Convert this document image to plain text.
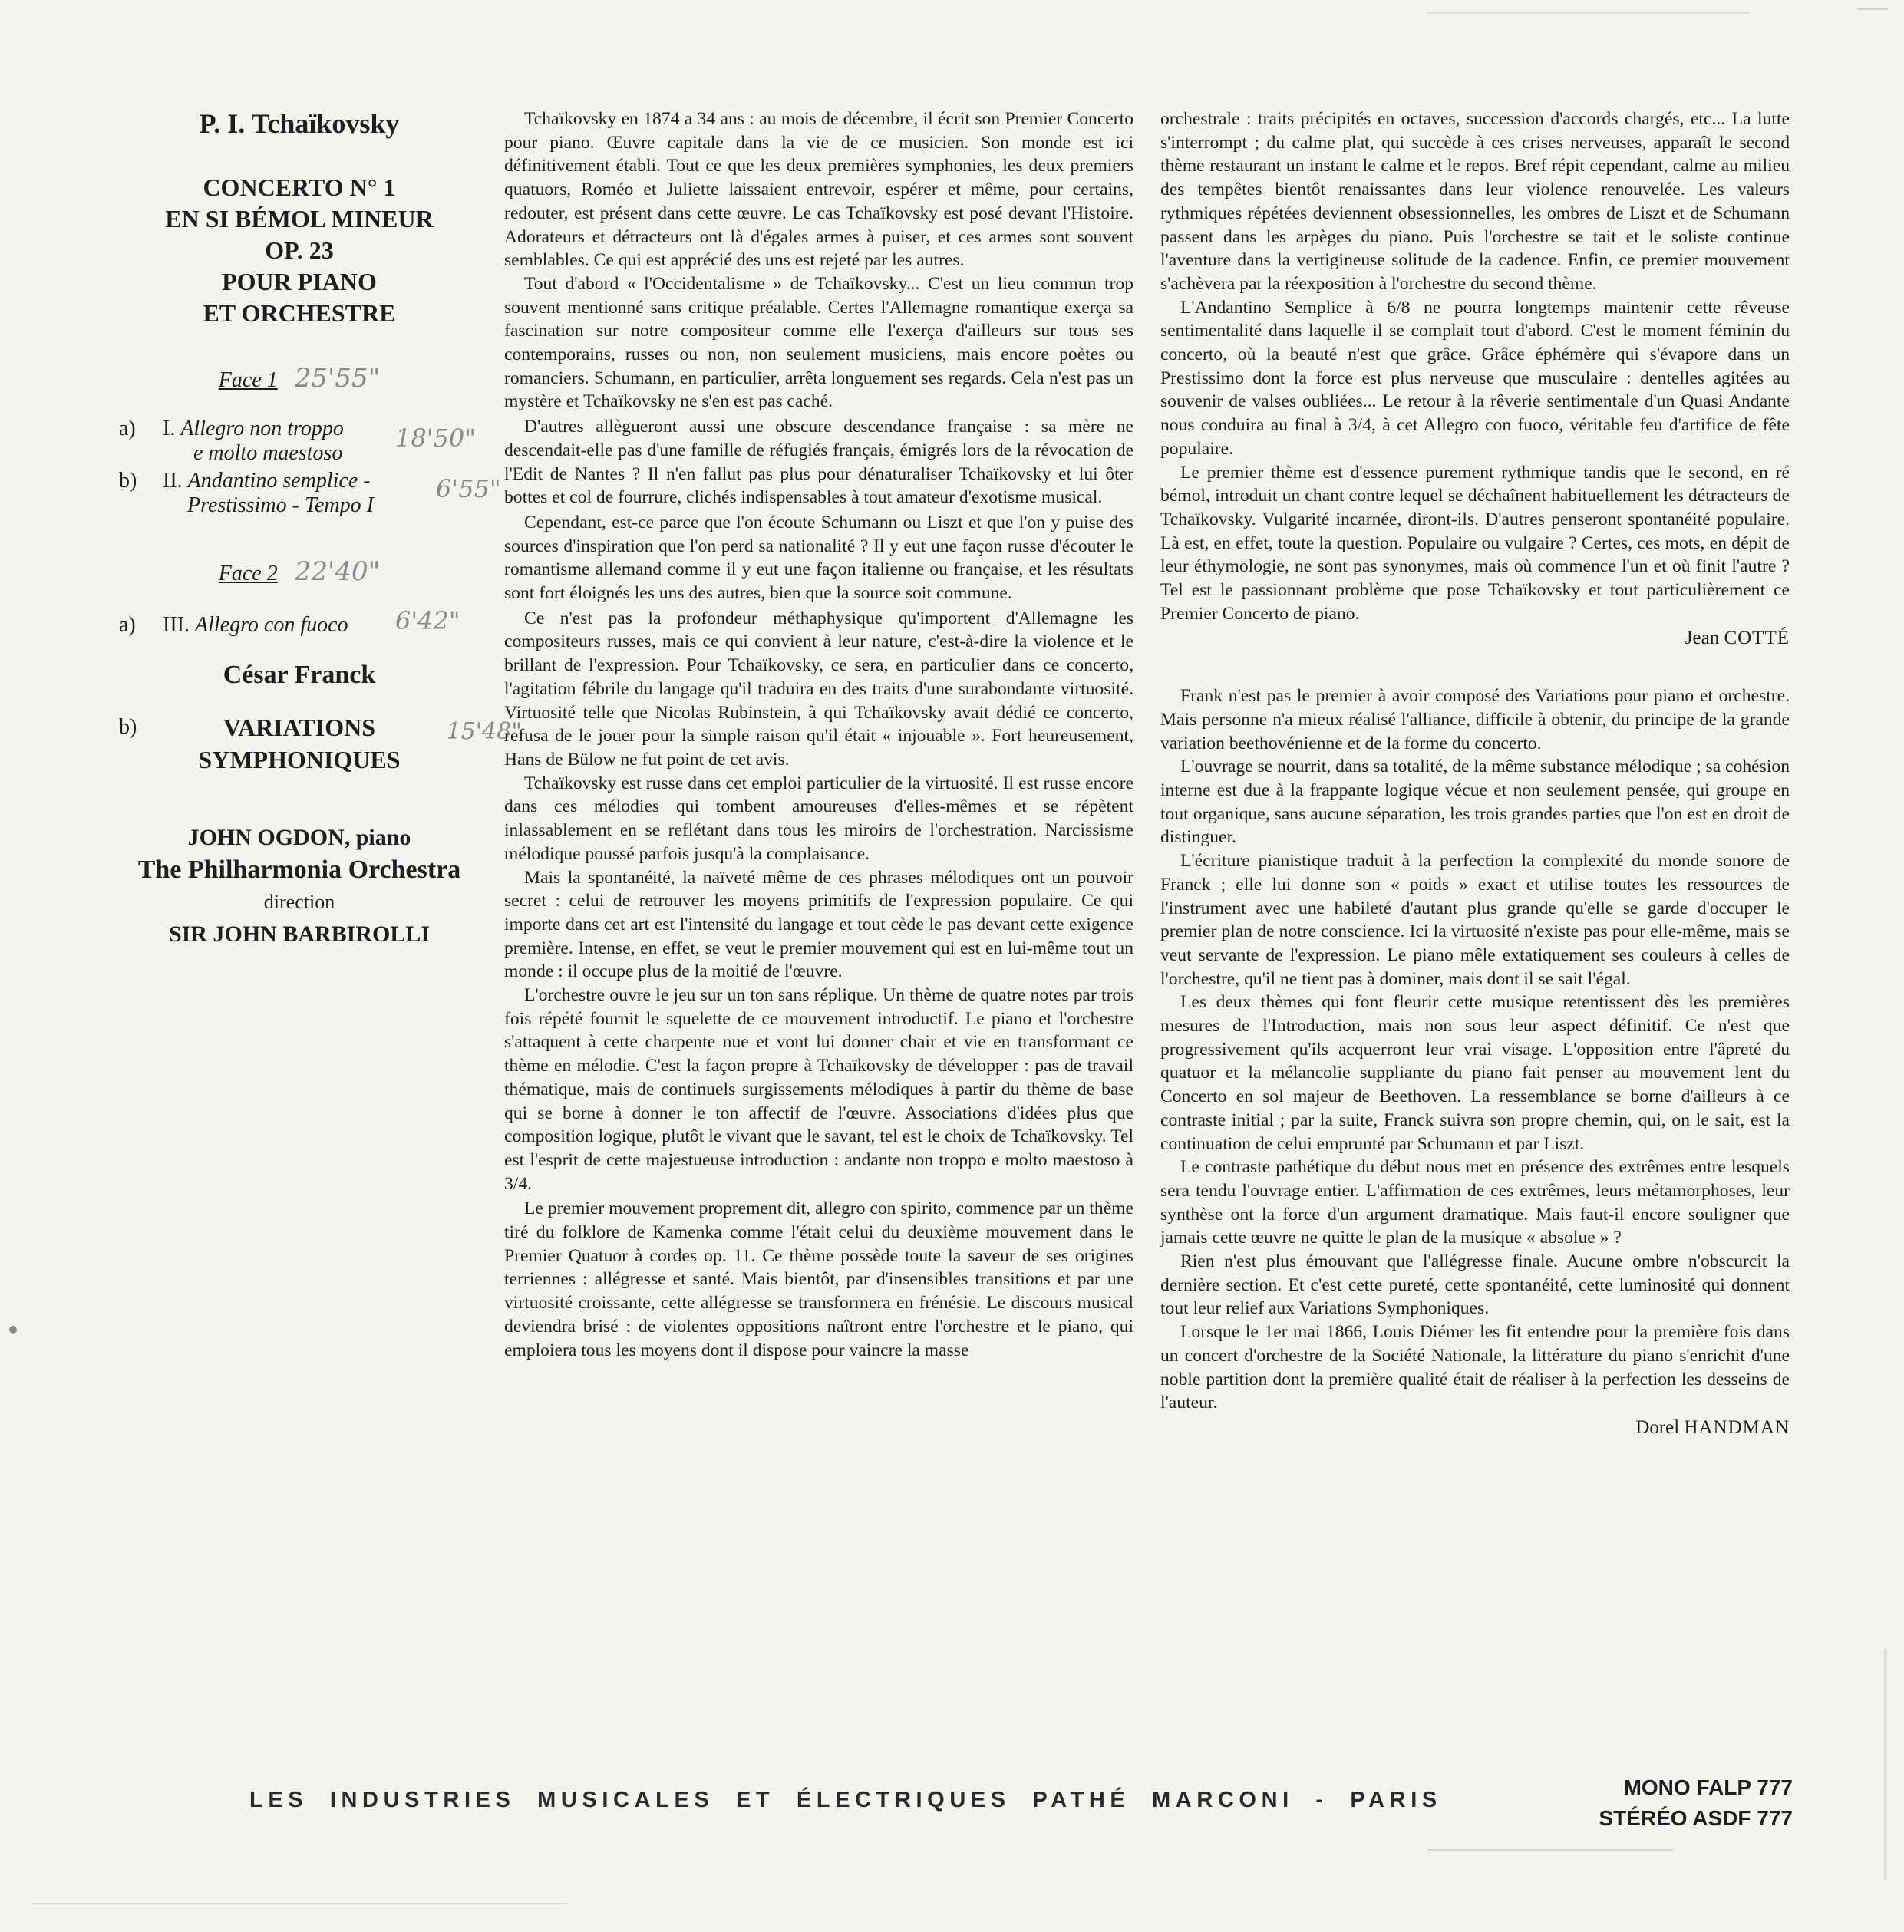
P. I. Tchaïkovsky
CONCERTO N° 1
EN SI BÉMOL MINEUR
OP. 23
POUR PIANO
ET ORCHESTRE
Face 1 25'55"
a) I. Allegro non troppo
e molto maestoso
18'50"
b) II. Andantino semplice -
Prestissimo - Tempo I
6'55"
Face 2 22'40"
a) III. Allegro con fuoco	6'42"
César Franck
b)	VARIATIONS
SYMPHONIQUES
15'48"
JOHN OGDON, piano
The Philharmonia Orchestra
direction
SIR JOHN BARBIROLLI

Tchaïkovsky en 1874 a 34 ans : au mois de décembre, il écrit son Premier Concerto pour piano. Œuvre capitale dans la vie de ce musicien. Son monde est ici définitivement établi. Tout ce que les deux premières symphonies, les deux premiers quatuors, Roméo et Juliette laissaient entrevoir, espérer et même, pour certains, redouter, est présent dans cette œuvre. Le cas Tchaïkovsky est posé devant l'Histoire. Adorateurs et détracteurs ont là d'égales armes à puiser, et ces armes sont souvent semblables. Ce qui est apprécié des uns est rejeté par les autres.

Tout d'abord « l'Occidentalisme » de Tchaïkovsky... C'est un lieu commun trop souvent mentionné sans critique préalable. Certes l'Allemagne romantique exerça sa fascination sur notre compositeur comme elle l'exerça d'ailleurs sur tous ses contemporains, russes ou non, non seulement musiciens, mais encore poètes ou romanciers. Schumann, en particulier, arrêta longuement ses regards. Cela n'est pas un mystère et Tchaïkovsky ne s'en est pas caché.

D'autres allègueront aussi une obscure descendance française : sa mère ne descendait-elle pas d'une famille de réfugiés français, émigrés lors de la révocation de l'Edit de Nantes ? Il n'en fallut pas plus pour dénaturaliser Tchaïkovsky et lui ôter bottes et col de fourrure, clichés indispensables à tout amateur d'exotisme musical.

Cependant, est-ce parce que l'on écoute Schumann ou Liszt et que l'on y puise des sources d'inspiration que l'on perd sa nationalité ? Il y eut une façon russe d'écouter le romantisme allemand comme il y eut une façon italienne ou française, et les résultats sont fort éloignés les uns des autres, bien que la source soit commune.

Ce n'est pas la profondeur méthaphysique qu'importent d'Allemagne les compositeurs russes, mais ce qui convient à leur nature, c'est-à-dire la violence et le brillant de l'expression. Pour Tchaïkovsky, ce sera, en particulier dans ce concerto, l'agitation fébrile du langage qu'il traduira en des traits d'une surabondante virtuosité. Virtuosité telle que Nicolas Rubinstein, à qui Tchaïkovsky avait dédié ce concerto, refusa de le jouer pour la simple raison qu'il était « injouable ». Fort heureusement, Hans de Bülow ne fut point de cet avis.

Tchaïkovsky est russe dans cet emploi particulier de la virtuosité. Il est russe encore dans ces mélodies qui tombent amoureuses d'elles-mêmes et se répètent inlassablement en se reflétant dans tous les miroirs de l'orchestration. Narcissisme mélodique poussé parfois jusqu'à la complaisance.

Mais la spontanéité, la naïveté même de ces phrases mélodiques ont un pouvoir secret : celui de retrouver les moyens primitifs de l'expression populaire. Ce qui importe dans cet art est l'intensité du langage et tout cède le pas devant cette exigence première. Intense, en effet, se veut le premier mouvement qui est en lui-même tout un monde : il occupe plus de la moitié de l'œuvre.

L'orchestre ouvre le jeu sur un ton sans réplique. Un thème de quatre notes par trois fois répété fournit le squelette de ce mouvement introductif. Le piano et l'orchestre s'attaquent à cette charpente nue et vont lui donner chair et vie en transformant ce thème en mélodie. C'est la façon propre à Tchaïkovsky de développer : pas de travail thématique, mais de continuels surgissements mélodiques à partir du thème de base qui se borne à donner le ton affectif de l'œuvre. Associations d'idées plus que composition logique, plutôt le vivant que le savant, tel est le choix de Tchaïkovsky. Tel est l'esprit de cette majestueuse introduction : andante non troppo e molto maestoso à 3/4.

Le premier mouvement proprement dit, allegro con spirito, commence par un thème tiré du folklore de Kamenka comme l'était celui du deuxième mouvement dans le Premier Quatuor à cordes op. 11. Ce thème possède toute la saveur de ses origines terriennes : allégresse et santé. Mais bientôt, par d'insensibles transitions et par une virtuosité croissante, cette allégresse se transformera en frénésie. Le discours musical deviendra brisé : de violentes oppositions naîtront entre l'orchestre et le piano, qui emploiera tous les moyens dont il dispose pour vaincre la masse

orchestrale : traits précipités en octaves, succession d'accords chargés, etc... La lutte s'interrompt ; du calme plat, qui succède à ces crises nerveuses, apparaît le second thème restaurant un instant le calme et le repos. Bref répit cependant, calme au milieu des tempêtes bientôt renaissantes dans leur violence renouvelée. Les valeurs rythmiques répétées deviennent obsessionnelles, les ombres de Liszt et de Schumann passent dans les arpèges du piano. Puis l'orchestre se tait et le soliste continue l'aventure dans la vertigineuse solitude de la cadence. Enfin, ce premier mouvement s'achèvera par la réexposition à l'orchestre du second thème.

L'Andantino Semplice à 6/8 ne pourra longtemps maintenir cette rêveuse sentimentalité dans laquelle il se complait tout d'abord. C'est le moment féminin du concerto, où la beauté n'est que grâce. Grâce éphémère qui s'évapore dans un Prestissimo dont la force est plus nerveuse que musculaire : dentelles agitées au souvenir de valses oubliées... Le retour à la rêverie sentimentale d'un Quasi Andante nous conduira au final à 3/4, à cet Allegro con fuoco, véritable feu d'artifice de fête populaire.

Le premier thème est d'essence purement rythmique tandis que le second, en ré bémol, introduit un chant contre lequel se déchaînent habituellement les détracteurs de Tchaïkovsky. Vulgarité incarnée, diront-ils. D'autres penseront spontanéité populaire. Là est, en effet, toute la question. Populaire ou vulgaire ? Certes, ces mots, en dépit de leur éthymologie, ne sont pas synonymes, mais où commence l'un et où finit l'autre ? Tel est le passionnant problème que pose Tchaïkovsky et tout particulièrement ce Premier Concerto de piano.

Jean COTTÉ

Frank n'est pas le premier à avoir composé des Variations pour piano et orchestre. Mais personne n'a mieux réalisé l'alliance, difficile à obtenir, du principe de la grande variation beethovénienne et de la forme du concerto.

L'ouvrage se nourrit, dans sa totalité, de la même substance mélodique ; sa cohésion interne est due à la frappante logique vécue et non seulement pensée, qui groupe en tout organique, sans aucune séparation, les trois grandes parties que l'on est en droit de distinguer.

L'écriture pianistique traduit à la perfection la complexité du monde sonore de Franck ; elle lui donne son « poids » exact et utilise toutes les ressources de l'instrument avec une habileté d'autant plus grande qu'elle se garde d'occuper le premier plan de notre conscience. Ici la virtuosité n'existe pas pour elle-même, mais se veut servante de l'expression. Le piano mêle extatiquement ses couleurs à celles de l'orchestre, qu'il ne tient pas à dominer, mais dont il se sait l'égal.

Les deux thèmes qui font fleurir cette musique retentissent dès les premières mesures de l'Introduction, mais non sous leur aspect définitif. Ce n'est que progressivement qu'ils acquerront leur vrai visage. L'opposition entre l'âpreté du quatuor et la mélancolie suppliante du piano fait penser au mouvement lent du Concerto en sol majeur de Beethoven. La ressemblance se borne d'ailleurs à ce contraste initial ; par la suite, Franck suivra son propre chemin, qui, on le sait, est la continuation de celui emprunté par Schumann et par Liszt.

Le contraste pathétique du début nous met en présence des extrêmes entre lesquels sera tendu l'ouvrage entier. L'affirmation de ces extrêmes, leurs métamorphoses, leur synthèse ont la force d'un argument dramatique. Mais faut-il encore souligner que jamais cette œuvre ne quitte le plan de la musique « absolue » ?

Rien n'est plus émouvant que l'allégresse finale. Aucune ombre n'obscurcit la dernière section. Et c'est cette pureté, cette spontanéité, cette luminosité qui donnent tout leur relief aux Variations Symphoniques.

Lorsque le 1er mai 1866, Louis Diémer les fit entendre pour la première fois dans un concert d'orchestre de la Société Nationale, la littérature du piano s'enrichit d'une noble partition dont la première qualité était de réaliser à la perfection les desseins de l'auteur.

Dorel HANDMAN
LES INDUSTRIES MUSICALES ET ÉLECTRIQUES PATHÉ MARCONI - PARIS
MONO FALP 777
STÉRÉO ASDF 777
